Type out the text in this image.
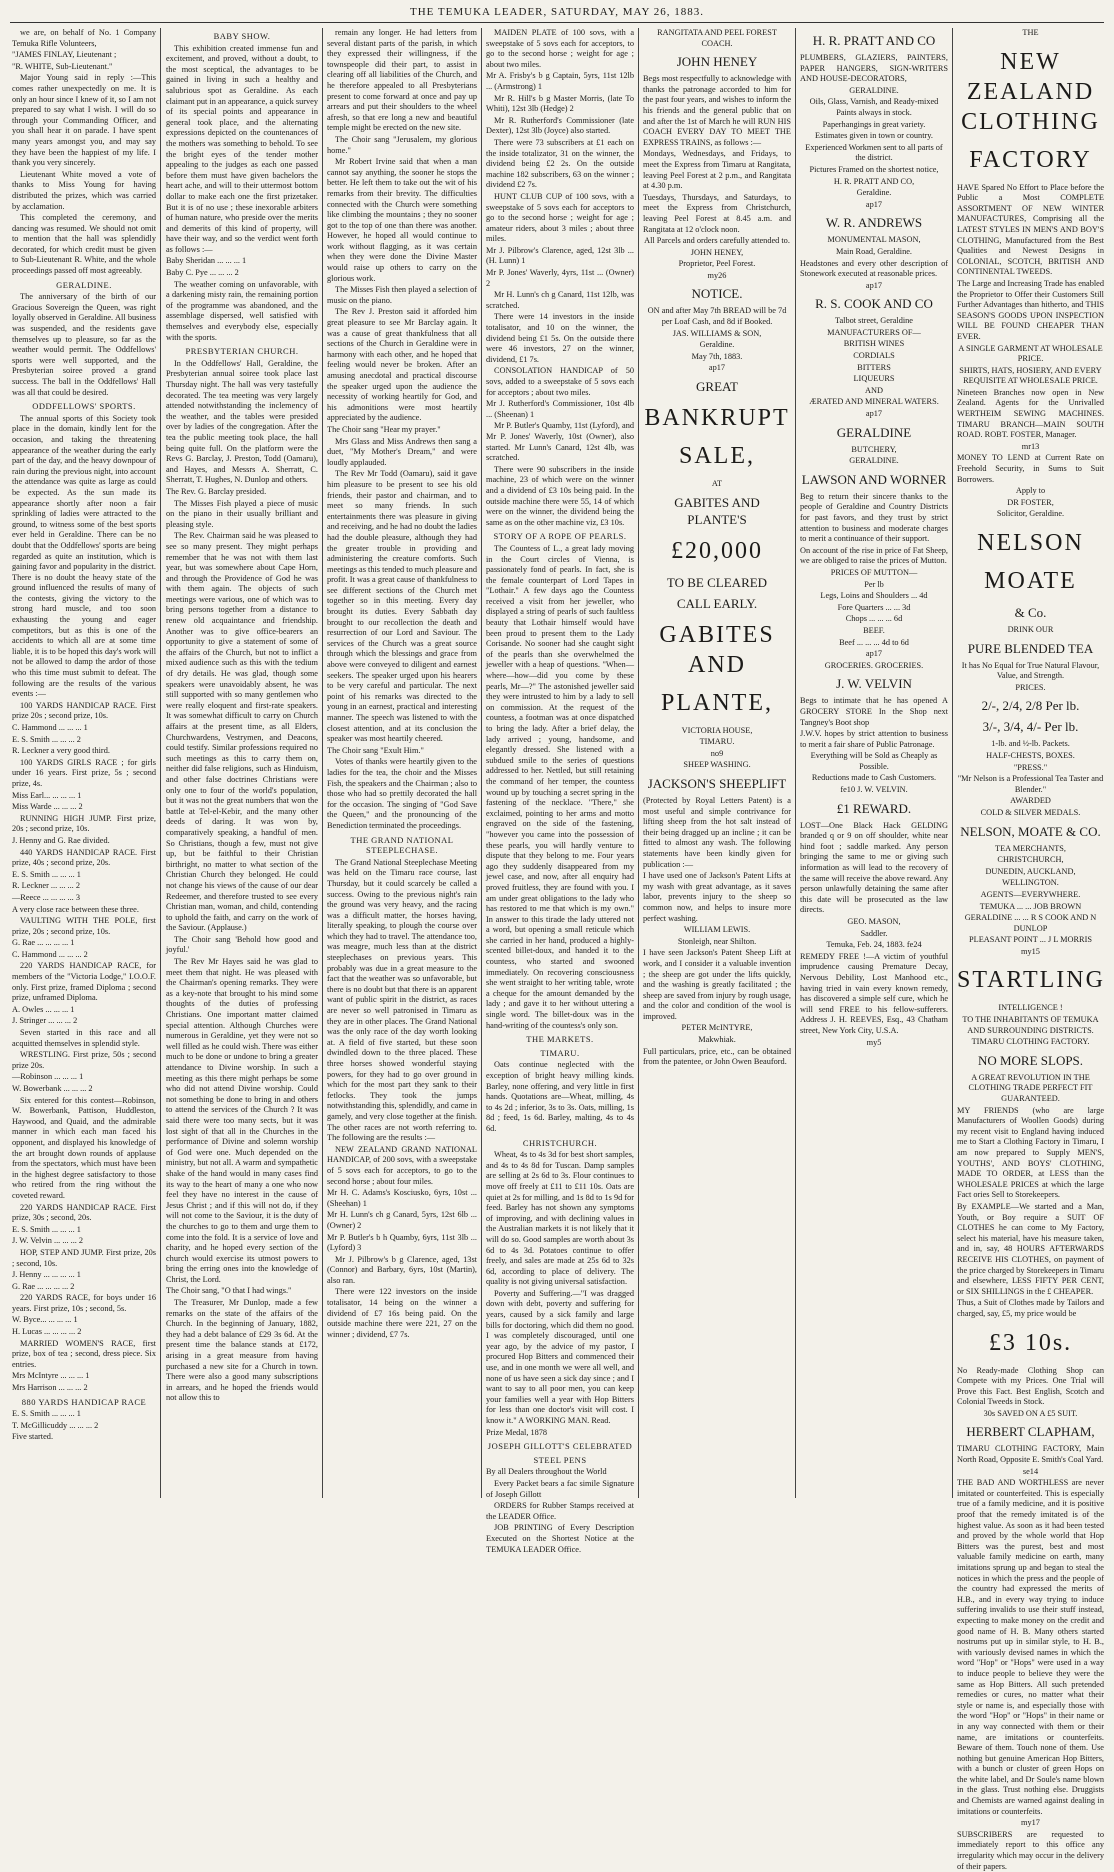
THE TEMUKA LEADER, SATURDAY, MAY 26, 1883.

we are, on behalf of No. 1 Company Temuka Rifle Volunteers,

"JAMES FINLAY, Lieutenant ;

"R. WHITE, Sub-Lieutenant."

Major Young said in reply :—This comes rather unexpectedly on me. It is only an hour since I knew of it, so I am not prepared to say what I wish. I will do so through your Commanding Officer, and you shall hear it on parade. I have spent many years amongst you, and may say they have been the happiest of my life. I thank you very sincerely.

Lieutenant White moved a vote of thanks to Miss Young for having distributed the prizes, which was carried by acclamation.

This completed the ceremony, and dancing was resumed. We should not omit to mention that the hall was splendidly decorated, for which credit must be given to Sub-Lieutenant R. White, and the whole proceedings passed off most agreeably.

GERALDINE.

The anniversary of the birth of our Gracious Sovereign the Queen, was right loyally observed in Geraldine. All business was suspended, and the residents gave themselves up to pleasure, so far as the weather would permit. The Oddfellows' sports were well supported, and the Presbyterian soiree proved a grand success. The ball in the Oddfellows' Hall was all that could be desired.

ODDFELLOWS' SPORTS.

The annual sports of this Society took place in the domain, kindly lent for the occasion, and taking the threatening appearance of the weather during the early part of the day, and the heavy downpour of rain during the previous night, into account the attendance was quite as large as could be expected. As the sun made its appearance shortly after noon a fair sprinkling of ladies were attracted to the ground, to witness some of the best sports ever held in Geraldine. There can be no doubt that the Oddfellows' sports are being regarded as quite an institution, which is gaining favor and popularity in the district. There is no doubt the heavy state of the ground influenced the results of many of the contests, giving the victory to the strong hard muscle, and too soon exhausting the young and eager competitors, but as this is one of the accidents to which all are at some time liable, it is to be hoped this day's work will not be allowed to damp the ardor of those who this time must submit to defeat. The following are the results of the various events :—

100 YARDS HANDICAP RACE. First prize 20s ; second prize, 10s.

C. Hammond ... ... ... 1

E. S. Smith ... ... ... 2

R. Leckner a very good third.

100 YARDS GIRLS RACE ; for girls under 16 years. First prize, 5s ; second prize, 4s.

Miss Earl... ... ... ... 1

Miss Warde ... ... ... 2

RUNNING HIGH JUMP. First prize, 20s ; second prize, 10s.

J. Henny and G. Rae divided.

440 YARDS HANDICAP RACE. First prize, 40s ; second prize, 20s.

E. S. Smith ... ... ... 1

R. Leckner ... ... ... 2

—Reece ... ... ... ... 3

A very close race between these three.

VAULTING WITH THE POLE, first prize, 20s ; second prize, 10s.

G. Rae ... ... ... ... 1

C. Hammond ... ... ... 2

220 YARDS HANDICAP RACE, for members of the "Victoria Lodge," I.O.O.F. only. First prize, framed Diploma ; second prize, unframed Diploma.

A. Owles ... ... ... 1

J. Stringer ... ... ... 2

Seven started in this race and all acquitted themselves in splendid style.

WRESTLING. First prize, 50s ; second prize 20s.

—Robinson ... ... ... 1

W. Bowerbank ... ... ... 2

Six entered for this contest—Robinson, W. Bowerbank, Pattison, Huddleston, Haywood, and Quaid, and the admirable manner in which each man faced his opponent, and displayed his knowledge of the art brought down rounds of applause from the spectators, which must have been in the highest degree satisfactory to those who retired from the ring without the coveted reward.

220 YARDS HANDICAP RACE. First prize, 30s ; second, 20s.

E. S. Smith ... ... ... 1

J. W. Velvin ... ... ... 2

HOP, STEP AND JUMP. First prize, 20s ; second, 10s.

J. Henny ... ... ... ... 1

G. Rae ... ... ... ... 2

220 YARDS RACE, for boys under 16 years. First prize, 10s ; second, 5s.

W. Byce... ... ... ... 1

H. Lucas ... ... ... ... 2

MARRIED WOMEN'S RACE, first prize, box of tea ; second, dress piece. Six entries.

Mrs McIntyre ... ... ... 1

Mrs Harrison ... ... ... 2

880 YARDS HANDICAP RACE

E. S. Smith ... ... ... 1

T. McGillicuddy ... ... ... 2

Five started.

BABY SHOW.

This exhibition created immense fun and excitement, and proved, without a doubt, to the most sceptical, the advantages to be gained in living in such a healthy and salubrious spot as Geraldine. As each claimant put in an appearance, a quick survey of its special points and appearance in general took place, and the alternating expressions depicted on the countenances of the mothers was something to behold. To see the bright eyes of the tender mother appealing to the judges as each one passed before them must have given bachelors the heart ache, and will to their uttermost bottom dollar to make each one the first prizetaker. But it is of no use ; these inexorable arbiters of human nature, who preside over the merits and demerits of this kind of property, will have their way, and so the verdict went forth as follows :—

Baby Sheridan ... ... ... 1

Baby C. Pye ... ... ... 2

The weather coming on unfavorable, with a darkening misty rain, the remaining portion of the programme was abandoned, and the assemblage dispersed, well satisfied with themselves and everybody else, especially with the sports.

PRESBYTERIAN CHURCH.

In the Oddfellows' Hall, Geraldine, the Presbyterian annual soiree took place last Thursday night. The hall was very tastefully decorated. The tea meeting was very largely attended notwithstanding the inclemency of the weather, and the tables were presided over by ladies of the congregation. After the tea the public meeting took place, the hall being quite full. On the platform were the Revs G. Barclay, J. Preston, Todd (Oamaru), and Hayes, and Messrs A. Sherratt, C. Sherratt, T. Hughes, N. Dunlop and others.

The Rev. G. Barclay presided.

The Misses Fish played a piece of music on the piano in their usually brilliant and pleasing style.

The Rev. Chairman said he was pleased to see so many present. They might perhaps remember that he was not with them last year, but was somewhere about Cape Horn, and through the Providence of God he was with them again. The objects of such meetings were various, one of which was to bring persons together from a distance to renew old acquaintance and friendship. Another was to give office-bearers an opportunity to give a statement of some of the affairs of the Church, but not to inflict a mixed audience such as this with the tedium of dry details. He was glad, though some speakers were unavoidably absent, he was still supported with so many gentlemen who were really eloquent and first-rate speakers. It was somewhat difficult to carry on Church affairs at the present time, as all Elders, Churchwardens, Vestrymen, and Deacons, could testify. Similar professions required no such meetings as this to carry them on, neither did false religions, such as Hinduism, and other false doctrines Christians were only one to four of the world's population, but it was not the great numbers that won the battle at Tel-el-Kebir, and the many other deeds of daring. It was won by, comparatively speaking, a handful of men. So Christians, though a few, must not give up, but be faithful to their Christian birthright, no matter to what section of the Christian Church they belonged. He could not change his views of the cause of our dear Redeemer, and therefore trusted to see every Christian man, woman, and child, contending to uphold the faith, and carry on the work of the Saviour. (Applause.)

The Choir sang 'Behold how good and joyful.'

The Rev Mr Hayes said he was glad to meet them that night. He was pleased with the Chairman's opening remarks. They were as a key-note that brought to his mind some thoughts of the duties of professing Christians. One important matter claimed special attention. Although Churches were numerous in Geraldine, yet they were not so well filled as he could wish. There was either much to be done or undone to bring a greater attendance to Divine worship. In such a meeting as this there might perhaps be some who did not attend Divine worship. Could not something be done to bring in and others to attend the services of the Church ? It was said there were too many sects, but it was lost sight of that all in the Churches in the performance of Divine and solemn worship of God were one. Much depended on the ministry, but not all. A warm and sympathetic shake of the hand would in many cases find its way to the heart of many a one who now feel they have no interest in the cause of Jesus Christ ; and if this will not do, if they will not come to the Saviour, it is the duty of the churches to go to them and urge them to come into the fold. It is a service of love and charity, and he hoped every section of the church would exercise its utmost powers to bring the erring ones into the knowledge of Christ, the Lord.

The Choir sang, "O that I had wings."

The Treasurer, Mr Dunlop, made a few remarks on the state of the affairs of the Church. In the beginning of January, 1882, they had a debt balance of £29 3s 6d. At the present time the balance stands at £172, arising in a great measure from having purchased a new site for a Church in town. There were also a good many subscriptions in arrears, and he hoped the friends would not allow this to

remain any longer. He had letters from several distant parts of the parish, in which they expressed their willingness, if the townspeople did their part, to assist in clearing off all liabilities of the Church, and he therefore appealed to all Presbyterians present to come forward at once and pay up arrears and put their shoulders to the wheel afresh, so that ere long a new and beautiful temple might be erected on the new site.

The Choir sang "Jerusalem, my glorious home."

Mr Robert Irvine said that when a man cannot say anything, the sooner he stops the better. He left them to take out the wit of his remarks from their brevity. The difficulties connected with the Church were something like climbing the mountains ; they no sooner got to the top of one than there was another. However, he hoped all would continue to work without flagging, as it was certain when they were done the Divine Master would raise up others to carry on the glorious work.

The Misses Fish then played a selection of music on the piano.

The Rev J. Preston said it afforded him great pleasure to see Mr Barclay again. It was a cause of great thankfulness that all sections of the Church in Geraldine were in harmony with each other, and he hoped that feeling would never be broken. After an amusing anecdotal and practical discourse the speaker urged upon the audience the necessity of working heartily for God, and his admonitions were most heartily appreciated by the audience.

The Choir sang "Hear my prayer."

Mrs Glass and Miss Andrews then sang a duet, "My Mother's Dream," and were loudly applauded.

The Rev Mr Todd (Oamaru), said it gave him pleasure to be present to see his old friends, their pastor and chairman, and to meet so many friends. In such entertainments there was pleasure in giving and receiving, and he had no doubt the ladies had the double pleasure, although they had the greater trouble in providing and administering the creature comforts. Such meetings as this tended to much pleasure and profit. It was a great cause of thankfulness to see different sections of the Church met together so in this meeting. Every day brought its duties. Every Sabbath day brought to our recollection the death and resurrection of our Lord and Saviour. The services of the Church was a great source through which the blessings and grace from above were conveyed to diligent and earnest seekers. The speaker urged upon his hearers to be very careful and particular. The next point of his remarks was directed to the young in an earnest, practical and interesting manner. The speech was listened to with the closest attention, and at its conclusion the speaker was most heartily cheered.

The Choir sang "Exult Him."

Votes of thanks were heartily given to the ladies for the tea, the choir and the Misses Fish, the speakers and the Chairman ; also to those who had so prettily decorated the hall for the occasion. The singing of "God Save the Queen," and the pronouncing of the Benediction terminated the proceedings.

THE GRAND NATIONAL STEEPLECHASE.

The Grand National Steeplechase Meeting was held on the Timaru race course, last Thursday, but it could scarcely be called a success. Owing to the previous night's rain the ground was very heavy, and the racing was a difficult matter, the horses having, literally speaking, to plough the course over which they had to travel. The attendance too, was meagre, much less than at the district steeplechases on previous years. This probably was due in a great measure to the fact that the weather was so unfavorable, but there is no doubt but that there is an apparent want of public spirit in the district, as races are never so well patronised in Timaru as they are in other places. The Grand National was the only race of the day worth looking at. A field of five started, but these soon dwindled down to the three placed. These three horses showed wonderful staying powers, for they had to go over ground in which for the most part they sank to their fetlocks. They took the jumps notwithstanding this, splendidly, and came in gamely, and very close together at the finish. The other races are not worth referring to. The following are the results :—

NEW ZEALAND GRAND NATIONAL HANDICAP, of 200 sovs, with a sweepstake of 5 sovs each for acceptors, to go to the second horse ; about four miles.

Mr H. C. Adams's Kosciusko, 6yrs, 10st ... (Sheehan) 1

Mr H. Lunn's ch g Canard, 5yrs, 12st 6lb ... (Owner) 2

Mr P. Butler's b h Quamby, 6yrs, 11st 3lb ... (Lyford) 3

Mr J. Pilbrow's b g Clarence, aged, 13st (Connor) and Barbary, 6yrs, 10st (Martin), also ran.

There were 122 investors on the inside totalisator, 14 being on the winner a dividend of £7 16s being paid. On the outside machine there were 221, 27 on the winner ; dividend, £7 7s.

MAIDEN PLATE of 100 sovs, with a sweepstake of 5 sovs each for acceptors, to go to the second horse ; weight for age ; about two miles.

Mr A. Frisby's b g Captain, 5yrs, 11st 12lb ... (Armstrong) 1

Mr R. Hill's b g Master Morris, (late To Whiti), 12st 3lb (Hedge) 2

Mr R. Rutherford's Commissioner (late Dexter), 12st 3lb (Joyce) also started.

There were 73 subscribers at £1 each on the inside totalizator, 31 on the winner, the dividend being £2 2s. On the outside machine 182 subscribers, 63 on the winner ; dividend £2 7s.

HUNT CLUB CUP of 100 sovs, with a sweepstake of 5 sovs each for acceptors to go to the second horse ; weight for age ; amateur riders, about 3 miles ; about three miles.

Mr J. Pilbrow's Clarence, aged, 12st 3lb ... (H. Lunn) 1

Mr P. Jones' Waverly, 4yrs, 11st ... (Owner) 2

Mr H. Lunn's ch g Canard, 11st 12lb, was scratched.

There were 14 investors in the inside totalisator, and 10 on the winner, the dividend being £1 5s. On the outside there were 46 investors, 27 on the winner, dividend, £1 7s.

CONSOLATION HANDICAP of 50 sovs, added to a sweepstake of 5 sovs each for acceptors ; about two miles.

Mr J. Rutherford's Commissioner, 10st 4lb ... (Sheenan) 1

Mr P. Butler's Quamby, 11st (Lyford), and Mr P. Jones' Waverly, 10st (Owner), also started. Mr Lunn's Canard, 12st 4lb, was scratched.

There were 90 subscribers in the inside machine, 23 of which were on the winner and a dividend of £3 10s being paid. In the outside machine there were 55, 14 of which were on the winner, the dividend being the same as on the other machine viz, £3 10s.

STORY OF A ROPE OF PEARLS.

The Countess of L., a great lady moving in the Court circles of Vienna, is passionately fond of pearls. In fact, she is the female counterpart of Lord Tapes in "Lothair." A few days ago the Countess received a visit from her jeweller, who displayed a string of pearls of such faultless beauty that Lothair himself would have been proud to present them to the Lady Corisande. No sooner had she caught sight of the pearls than she overwhelmed the jeweller with a heap of questions. "When—where—how—did you come by these pearls, Mr—?" The astonished jeweller said they were intrusted to him by a lady to sell on commission. At the request of the countess, a footman was at once dispatched to bring the lady. After a brief delay, the lady arrived ; young, handsome, and elegantly dressed. She listened with a subdued smile to the series of questions addressed to her. Nettled, but still retaining the command of her temper, the countess wound up by touching a secret spring in the fastening of the necklace. "There," she exclaimed, pointing to her arms and motto engraved on the side of the fastening, "however you came into the possession of these pearls, you will hardly venture to dispute that they belong to me. Four years ago they suddenly disappeared from my jewel case, and now, after all enquiry had proved fruitless, they are found with you. I am under great obligations to the lady who has restored to me that which is my own." In answer to this tirade the lady uttered not a word, but opening a small reticule which she carried in her hand, produced a highly-scented billet-doux, and handed it to the countess, who started and swooned immediately. On recovering consciousness she went straight to her writing table, wrote a cheque for the amount demanded by the lady ; and gave it to her without uttering a single word. The billet-doux was in the hand-writing of the countess's only son.

THE MARKETS.

TIMARU.

Oats continue neglected with the exception of bright heavy milling kinds. Barley, none offering, and very little in first hands. Quotations are—Wheat, milling, 4s to 4s 2d ; inferior, 3s to 3s. Oats, milling, 1s 8d ; feed, 1s 6d. Barley, malting, 4s to 4s 6d.

CHRISTCHURCH.

Wheat, 4s to 4s 3d for best short samples, and 4s to 4s 8d for Tuscan. Damp samples are selling at 2s 6d to 3s. Flour continues to move off freely at £11 to £11 10s. Oats are quiet at 2s for milling, and 1s 8d to 1s 9d for feed. Barley has not shown any symptoms of improving, and with declining values in the Australian markets it is not likely that it will do so. Good samples are worth about 3s 6d to 4s 3d. Potatoes continue to offer freely, and sales are made at 25s 6d to 32s 6d, according to place of delivery. The quality is not giving universal satisfaction.

Poverty and Suffering.—"I was dragged down with debt, poverty and suffering for years, caused by a sick family and large bills for doctoring, which did them no good. I was completely discouraged, until one year ago, by the advice of my pastor, I procured Hop Bitters and commenced their use, and in one month we were all well, and none of us have seen a sick day since ; and I want to say to all poor men, you can keep your families well a year with Hop Bitters for less than one doctor's visit will cost. I know it." A WORKING MAN. Read.

Prize Medal, 1878

JOSEPH GILLOTT'S CELEBRATED

STEEL PENS

By all Dealers throughout the World

Every Packet bears a fac simile Signature of Joseph Gillott

ORDERS for Rubber Stamps received at the LEADER Office.

JOB PRINTING of Every Description Executed on the Shortest Notice at the TEMUKA LEADER Office.

RANGITATA AND PEEL FOREST COACH.

JOHN HENEY

Begs most respectfully to acknowledge with thanks the patronage accorded to him for the past four years, and wishes to inform the his friends and the general public that on and after the 1st of March he will RUN HIS COACH EVERY DAY TO MEET THE EXPRESS TRAINS, as follows :—

Mondays, Wednesdays, and Fridays, to meet the Express from Timaru at Rangitata, leaving Peel Forest at 2 p.m., and Rangitata at 4.30 p.m.

Tuesdays, Thursdays, and Saturdays, to meet the Express from Christchurch, leaving Peel Forest at 8.45 a.m. and Rangitata at 12 o'clock noon.

All Parcels and orders carefully attended to.

JOHN HENEY,

Proprietor, Peel Forest.

my26

NOTICE.

ON and after May 7th BREAD will be 7d per Loaf Cash, and 8d if Booked.

JAS. WILLIAMS & SON,

Geraldine.

May 7th, 1883.

ap17

GREAT

BANKRUPT

SALE,

AT

GABITES AND PLANTE'S

£20,000

TO BE CLEARED

CALL EARLY.

GABITES AND

PLANTE,

VICTORIA HOUSE,

TIMARU.

no9

SHEEP WASHING.

JACKSON'S SHEEPLIFT

(Protected by Royal Letters Patent) is a most useful and simple contrivance for lifting sheep from the hot salt instead of their being dragged up an incline ; it can be fitted to almost any wash. The following statements have been kindly given for publication :—

I have used one of Jackson's Patent Lifts at my wash with great advantage, as it saves labor, prevents injury to the sheep so common now, and helps to insure more perfect washing.

WILLIAM LEWIS.

Stonleigh, near Shilton.

I have seen Jackson's Patent Sheep Lift at work, and I consider it a valuable invention ; the sheep are got under the lifts quickly, and the washing is greatly facilitated ; the sheep are saved from injury by rough usage, and the color and condition of the wool is improved.

PETER McINTYRE,

Makwhiak.

Full particulars, price, etc., can be obtained from the patentee, or John Owen Beauford.

H. R. PRATT AND CO

PLUMBERS, GLAZIERS, PAINTERS, PAPER HANGERS, SIGN-WRITERS AND HOUSE-DECORATORS,

GERALDINE.

Oils, Glass, Varnish, and Ready-mixed Paints always in stock.

Paperhangings in great variety.

Estimates given in town or country.

Experienced Workmen sent to all parts of the district.

Pictures Framed on the shortest notice,

H. R. PRATT AND CO,

Geraldine.

ap17

W. R. ANDREWS

MONUMENTAL MASON,

Main Road, Geraldine.

Headstones and every other description of Stonework executed at reasonable prices.

ap17

R. S. COOK AND CO

Talbot street, Geraldine

MANUFACTURERS OF—

BRITISH WINES

CORDIALS

BITTERS

LIQUEURS

AND

ÆRATED AND MINERAL WATERS.

ap17

GERALDINE

BUTCHERY,

GERALDINE.

LAWSON AND WORNER

Beg to return their sincere thanks to the people of Geraldine and Country Districts for past favors, and they trust by strict attention to business and moderate charges to merit a continuance of their support.

On account of the rise in price of Fat Sheep, we are obliged to raise the prices of Mutton.

PRICES OF MUTTON—

Per lb

Legs, Loins and Shoulders ... 4d

Fore Quarters ... ... 3d

Chops ... ... ... 6d

BEEF.

Beef ... ... ... 4d to 6d

ap17

GROCERIES. GROCERIES.

J. W. VELVIN

Begs to intimate that he has opened A GROCERY STORE In the Shop next Tangney's Boot shop

J.W.V. hopes by strict attention to business to merit a fair share of Public Patronage.

Everything will be Sold as Cheaply as Possible.

Reductions made to Cash Customers.

fe10 J. W. VELVIN.

£1 REWARD.

LOST—One Black Hack GELDING branded q or 9 on off shoulder, white near hind foot ; saddle marked. Any person bringing the same to me or giving such information as will lead to the recovery of the same will receive the above reward. Any person unlawfully detaining the same after this date will be prosecuted as the law directs.

GEO. MASON,

Saddler.

Temuka, Feb. 24, 1883. fe24

REMEDY FREE !—A victim of youthful imprudence causing Premature Decay, Nervous Debility, Lost Manhood etc., having tried in vain every known remedy, has discovered a simple self cure, which he will send FREE to his fellow-sufferers. Address J. H. REEVES, Esq., 43 Chatham street, New York City, U.S.A.

my5

THE

NEW ZEALAND CLOTHING

FACTORY

HAVE Spared No Effort to Place before the Public a Most COMPLETE ASSORTMENT OF NEW WINTER MANUFACTURES, Comprising all the LATEST STYLES IN MEN'S AND BOY'S CLOTHING, Manufactured from the Best Qualities and Newest Designs in COLONIAL, SCOTCH, BRITISH AND CONTINENTAL TWEEDS.

The Large and Increasing Trade has enabled the Proprietor to Offer their Customers Still Further Advantages than hitherto, and THIS SEASON'S GOODS UPON INSPECTION WILL BE FOUND CHEAPER THAN EVER.

A SINGLE GARMENT AT WHOLESALE PRICE.

SHIRTS, HATS, HOSIERY, AND EVERY REQUISITE AT WHOLESALE PRICE.

Nineteen Branches now open in New Zealand. Agents for the Unrivalled WERTHEIM SEWING MACHINES. TIMARU BRANCH—MAIN SOUTH ROAD. ROBT. FOSTER, Manager.

mr13

MONEY TO LEND at Current Rate on Freehold Security, in Sums to Suit Borrowers.

Apply to

DR FOSTER,

Solicitor, Geraldine.

NELSON

MOATE

& Co.

DRINK OUR

PURE BLENDED TEA

It has No Equal for True Natural Flavour, Value, and Strength.

PRICES.

2/-, 2/4, 2/8 Per lb.

3/-, 3/4, 4/- Per lb.

1-lb. and ½-lb. Packets.

HALF-CHESTS, BOXES.

"PRESS."

"Mr Nelson is a Professional Tea Taster and Blender."

AWARDED

COLD & SILVER MEDALS.

NELSON, MOATE & CO.

TEA MERCHANTS,

CHRISTCHURCH,

DUNEDIN, AUCKLAND,

WELLINGTON.

AGENTS—EVERYWHERE.

TEMUKA ... ... JOB BROWN

GERALDINE ... ... R S COOK AND N DUNLOP

PLEASANT POINT ... J L MORRIS

my15

STARTLING

INTELLIGENCE !

TO THE INHABITANTS OF TEMUKA AND SURROUNDING DISTRICTS.

TIMARU CLOTHING FACTORY.

NO MORE SLOPS.

A GREAT REVOLUTION IN THE CLOTHING TRADE PERFECT FIT GUARANTEED.

MY FRIENDS (who are large Manufacturers of Woollen Goods) during my recent visit to England having induced me to Start a Clothing Factory in Timaru, I am now prepared to Supply MEN'S, YOUTHS', AND BOYS' CLOTHING, MADE TO ORDER, at LESS than the WHOLESALE PRICES at which the large Fact ories Sell to Storekeepers.

By EXAMPLE—We started and a Man, Youth, or Boy require a SUIT OF CLOTHES he can come to My Factory, select his material, have his measure taken, and in, say, 48 HOURS AFTERWARDS RECEIVE HIS CLOTHES, on payment of the price charged by Storekeepers in Timaru and elsewhere, LESS FIFTY PER CENT, or SIX SHILLINGS in the £ CHEAPER.

Thus, a Suit of Clothes made by Tailors and charged, say, £5, my price would be

£3 10s.

No Ready-made Clothing Shop can Compete with my Prices. One Trial will Prove this Fact. Best English, Scotch and Colonial Tweeds in Stock.

30s SAVED ON A £5 SUIT.

HERBERT CLAPHAM,

TIMARU CLOTHING FACTORY, Main North Road, Opposite E. Smith's Coal Yard.

se14

THE BAD AND WORTHLESS are never imitated or counterfeited. This is especially true of a family medicine, and it is positive proof that the remedy imitated is of the highest value. As soon as it had been tested and proved by the whole world that Hop Bitters was the purest, best and most valuable family medicine on earth, many imitations sprung up and began to steal the notices in which the press and the people of the country had expressed the merits of H.B., and in every way trying to induce suffering invalids to use their stuff instead, expecting to make money on the credit and good name of H. B. Many others started nostrums put up in similar style, to H. B., with variously devised names in which the word "Hop" or "Hops" were used in a way to induce people to believe they were the same as Hop Bitters. All such pretended remedies or cures, no matter what their style or name is, and especially those with the word "Hop" or "Hops" in their name or in any way connected with them or their name, are imitations or counterfeits. Beware of them. Touch none of them. Use nothing but genuine American Hop Bitters, with a bunch or cluster of green Hops on the white label, and Dr Soule's name blown in the glass. Trust nothing else. Druggists and Chemists are warned against dealing in imitations or counterfeits.

my17

SUBSCRIBERS are requested to immediately report to this office any irregularity which may occur in the delivery of their papers.
